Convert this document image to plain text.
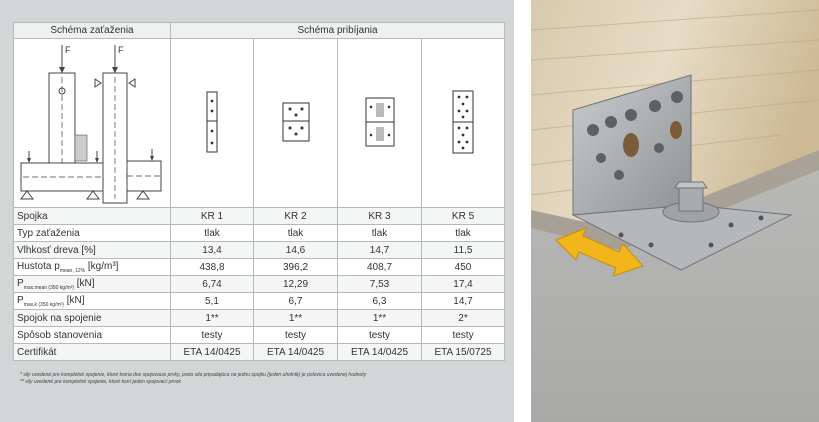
Schéma zaťaženia	Schéma pribíjania			

F F

Spojka	KR 1	KR 2	KR 3	KR 5
Typ zaťaženia	tlak	tlak	tlak	tlak
Vlhkosť dreva [%]	13,4	14,6	14,7	11,5
Hustota $p_{mean, 12\%}$ [kg/m³]	438,8	396,2	408,7	450
$P_{max,mean (350 kg/m^3)}$ [kN]	6,74	12,29	7,53	17,4
$P_{max,k (350 kg/m^3)}$ [kN]	5,1	6,7	6,3	14,7
Spojok na spojenie	1**	1**	1**	2*
Spôsob stanovenia	testy	testy	testy	testy
Certifikát	ETA 14/0425	ETA 14/0425	ETA 14/0425	ETA 15/0725
* sily uvedené pre kompletné spojenie, ktoré tvoria dve spojovacie prvky, preto sila pripadajúca na jednu spojku (jeden uholník) je polovica uvedenej hodnoty
** sily uvedené pre kompletné spojenie, ktoré tvorí jeden spojovací prvok
